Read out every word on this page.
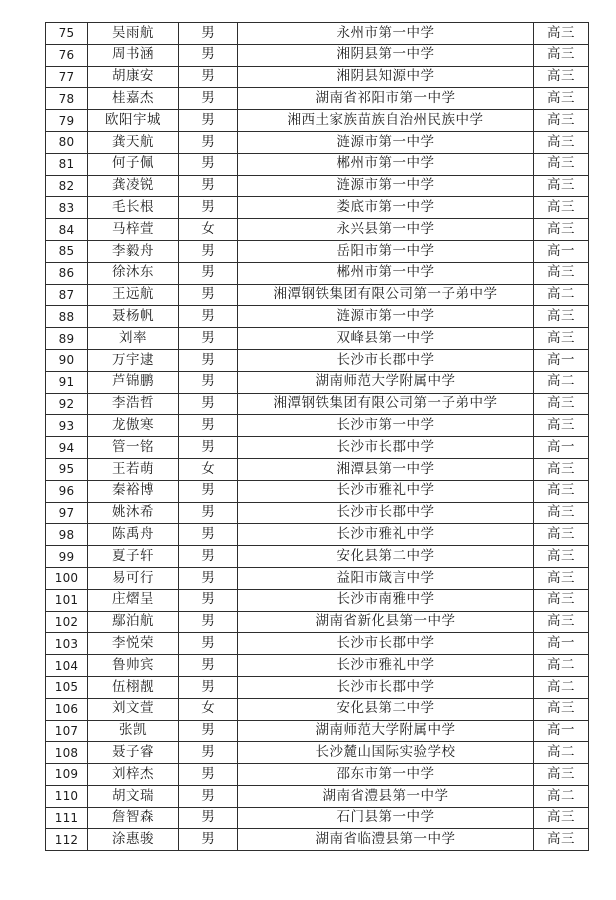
75	吴雨航	男	永州市第一中学	高三
76	周书涵	男	湘阴县第一中学	高三
77	胡康安	男	湘阴县知源中学	高三
78	桂嘉杰	男	湖南省祁阳市第一中学	高三
79	欧阳宇城	男	湘西土家族苗族自治州民族中学	高三
80	龚天航	男	涟源市第一中学	高三
81	何子佩	男	郴州市第一中学	高三
82	龚凌锐	男	涟源市第一中学	高三
83	毛长根	男	娄底市第一中学	高三
84	马梓萱	女	永兴县第一中学	高三
85	李毅舟	男	岳阳市第一中学	高一
86	徐沐东	男	郴州市第一中学	高三
87	王远航	男	湘潭钢铁集团有限公司第一子弟中学	高二
88	聂杨帆	男	涟源市第一中学	高三
89	刘率	男	双峰县第一中学	高三
90	万宇逮	男	长沙市长郡中学	高一
91	芦锦鹏	男	湖南师范大学附属中学	高二
92	李浩哲	男	湘潭钢铁集团有限公司第一子弟中学	高三
93	龙傲寒	男	长沙市第一中学	高三
94	管一铭	男	长沙市长郡中学	高一
95	王若萌	女	湘潭县第一中学	高三
96	秦裕博	男	长沙市雅礼中学	高三
97	姚沐希	男	长沙市长郡中学	高三
98	陈禹舟	男	长沙市雅礼中学	高三
99	夏子轩	男	安化县第二中学	高三
100	易可行	男	益阳市箴言中学	高三
101	庄熠呈	男	长沙市南雅中学	高三
102	鄢泊航	男	湖南省新化县第一中学	高三
103	李悦荣	男	长沙市长郡中学	高一
104	鲁帅宾	男	长沙市雅礼中学	高二
105	伍栩靓	男	长沙市长郡中学	高二
106	刘文萱	女	安化县第二中学	高三
107	张凯	男	湖南师范大学附属中学	高一
108	聂子睿	男	长沙麓山国际实验学校	高二
109	刘梓杰	男	邵东市第一中学	高三
110	胡文瑞	男	湖南省澧县第一中学	高二
111	詹智森	男	石门县第一中学	高三
112	涂惠骏	男	湖南省临澧县第一中学	高三
